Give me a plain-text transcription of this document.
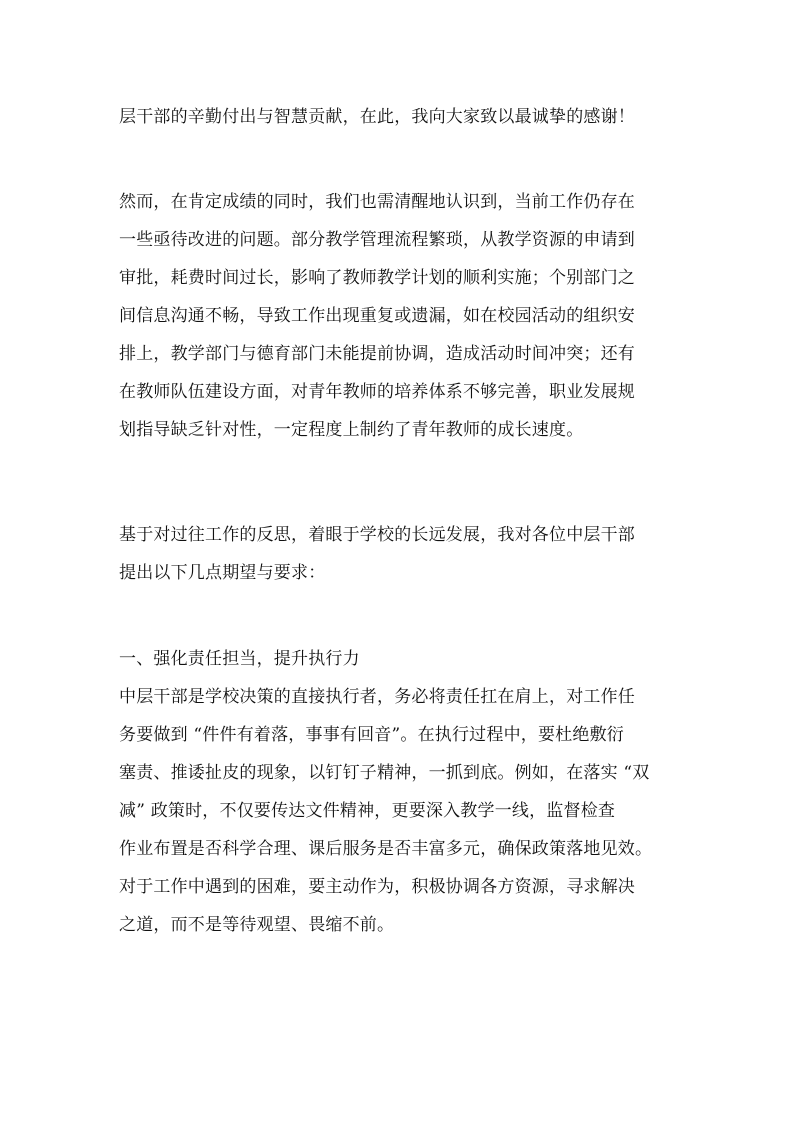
层干部的辛勤付出与智慧贡献，在此，我向大家致以最诚挚的感谢！
然而，在肯定成绩的同时，我们也需清醒地认识到，当前工作仍存在
一些亟待改进的问题。部分教学管理流程繁琐，从教学资源的申请到
审批，耗费时间过长，影响了教师教学计划的顺利实施；个别部门之
间信息沟通不畅，导致工作出现重复或遗漏，如在校园活动的组织安
排上，教学部门与德育部门未能提前协调，造成活动时间冲突；还有
在教师队伍建设方面，对青年教师的培养体系不够完善，职业发展规
划指导缺乏针对性，一定程度上制约了青年教师的成长速度。
基于对过往工作的反思，着眼于学校的长远发展，我对各位中层干部
提出以下几点期望与要求：
一、强化责任担当，提升执行力
中层干部是学校决策的直接执行者，务必将责任扛在肩上，对工作任
务要做到 “件件有着落，事事有回音”。在执行过程中，要杜绝敷衍
塞责、推诿扯皮的现象，以钉钉子精神，一抓到底。例如，在落实 “双
减” 政策时，不仅要传达文件精神，更要深入教学一线，监督检查
作业布置是否科学合理、课后服务是否丰富多元，确保政策落地见效。
对于工作中遇到的困难，要主动作为，积极协调各方资源，寻求解决
之道，而不是等待观望、畏缩不前。
